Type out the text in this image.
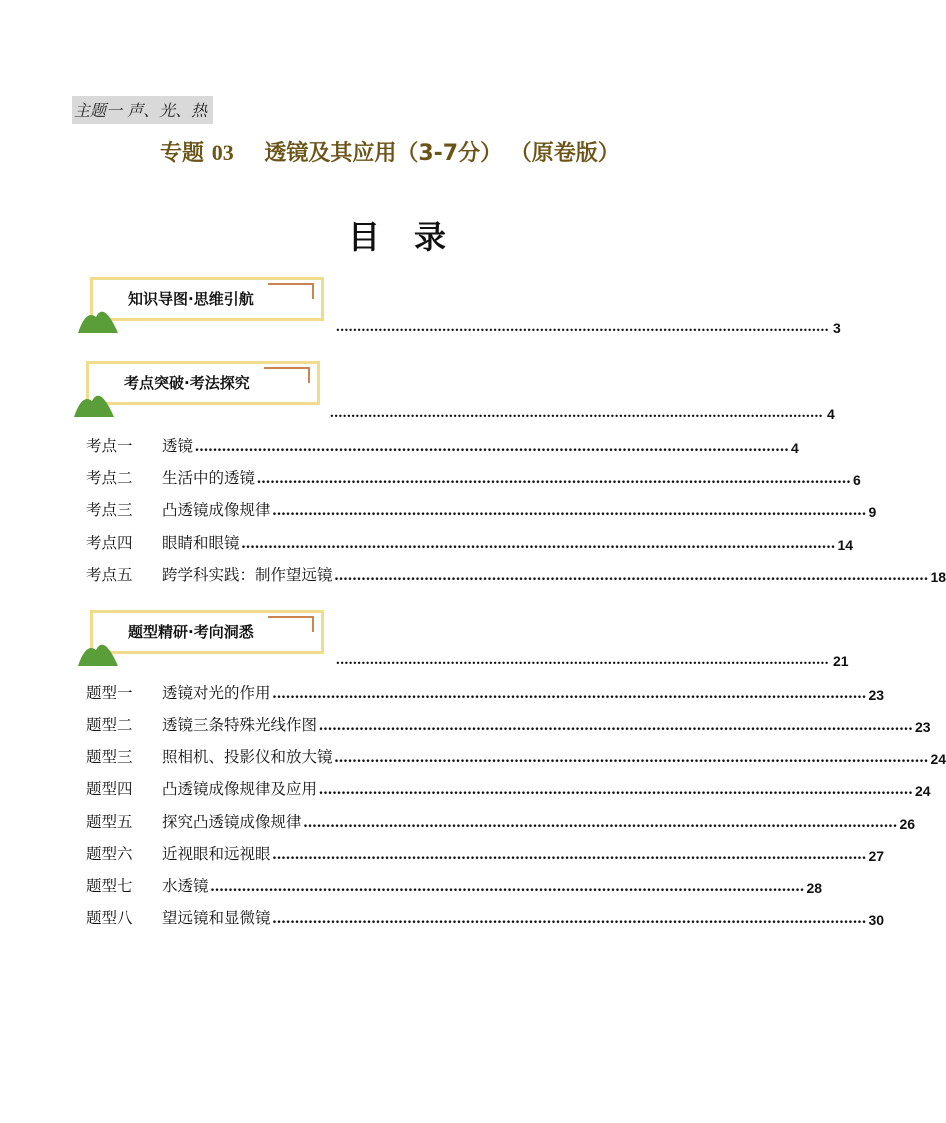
主题一 声、光、热
专题 03 透镜及其应用（3-7分） （原卷版）
目录
知识导图·思维引航
.................................................................................................................... 3
考点突破·考法探究
.................................................................................................................... 4
考点一 透镜 .................................................................................................................................... 4
考点二 生活中的透镜 .................................................................................................................................... 6
考点三 凸透镜成像规律 .................................................................................................................................... 9
考点四 眼睛和眼镜 .................................................................................................................................... 14
考点五 跨学科实践：制作望远镜 .................................................................................................................................... 18
题型精研·考向洞悉
.................................................................................................................... 21
题型一 透镜对光的作用 .................................................................................................................................... 23
题型二 透镜三条特殊光线作图 .................................................................................................................................... 23
题型三 照相机、投影仪和放大镜 .................................................................................................................................... 24
题型四 凸透镜成像规律及应用 .................................................................................................................................... 24
题型五 探究凸透镜成像规律 .................................................................................................................................... 26
题型六 近视眼和远视眼 .................................................................................................................................... 27
题型七 水透镜 .................................................................................................................................... 28
题型八 望远镜和显微镜 .................................................................................................................................... 30
